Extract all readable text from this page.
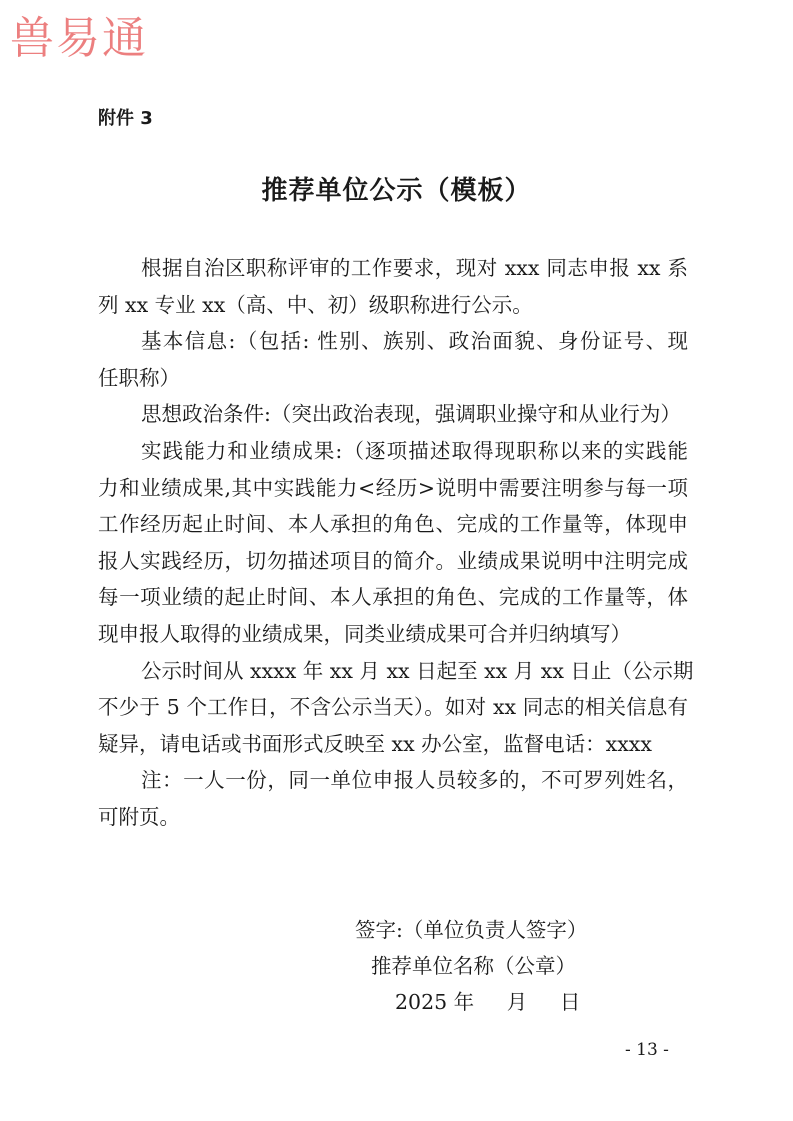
兽易通
附件 3
推荐单位公示（模板）
根据自治区职称评审的工作要求，现对 xxx 同志申报 xx 系
列 xx 专业 xx（高、中、初）级职称进行公示。
基本信息:（包括: 性别、族别、政治面貌、身份证号、现
任职称）
思想政治条件:（突出政治表现，强调职业操守和从业行为）
实践能力和业绩成果:（逐项描述取得现职称以来的实践能
力和业绩成果,其中实践能力<经历>说明中需要注明参与每一项
工作经历起止时间、本人承担的角色、完成的工作量等，体现申
报人实践经历，切勿描述项目的简介。业绩成果说明中注明完成
每一项业绩的起止时间、本人承担的角色、完成的工作量等，体
现申报人取得的业绩成果，同类业绩成果可合并归纳填写）
公示时间从 xxxx 年 xx 月 xx 日起至 xx 月 xx 日止（公示期
不少于 5 个工作日，不含公示当天）。如对 xx 同志的相关信息有
疑异，请电话或书面形式反映至 xx 办公室，监督电话：xxxx
注：一人一份，同一单位申报人员较多的，不可罗列姓名，
可附页。
签字:（单位负责人签字）
推荐单位名称（公章）
2025 年     月     日
- 13 -
